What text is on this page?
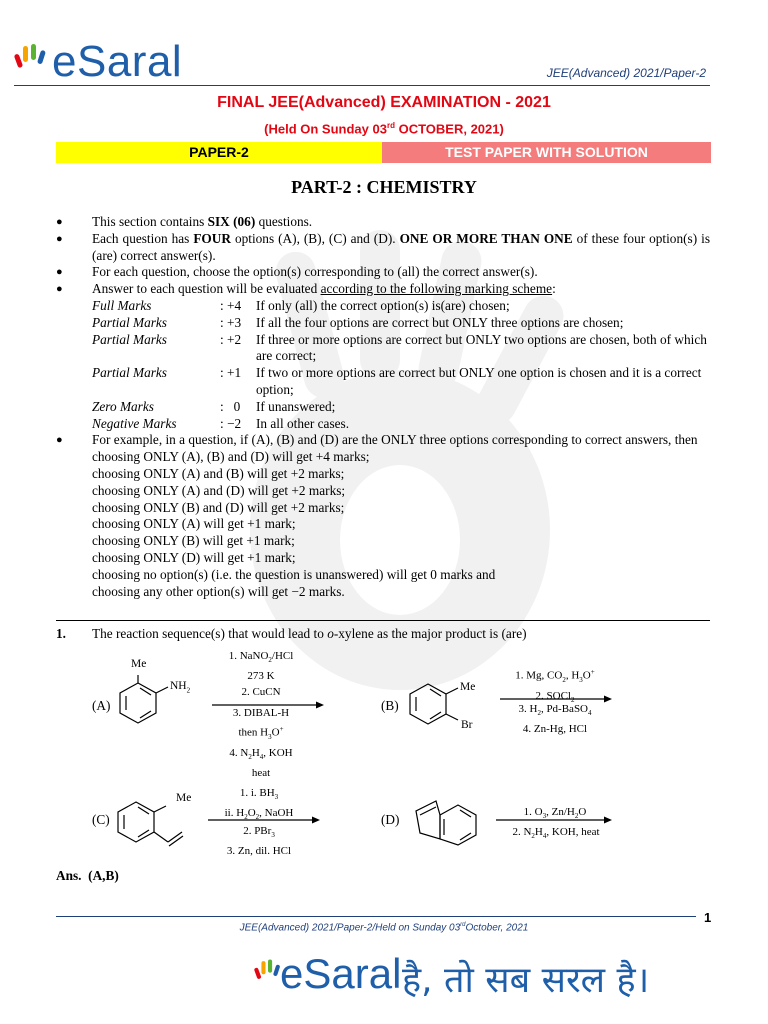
eSaral	JEE(Advanced) 2021/Paper-2
FINAL JEE(Advanced) EXAMINATION - 2021
(Held On Sunday 03rd OCTOBER, 2021)
PAPER-2	TEST PAPER WITH SOLUTION
PART-2 : CHEMISTRY
● This section contains SIX (06) questions.
● Each question has FOUR options (A), (B), (C) and (D). ONE OR MORE THAN ONE of these four option(s) is (are) correct answer(s).
● For each question, choose the option(s) corresponding to (all) the correct answer(s).
● Answer to each question will be evaluated according to the following marking scheme:
Full Marks	: +4	If only (all) the correct option(s) is(are) chosen;
Partial Marks	: +3	If all the four options are correct but ONLY three options are chosen;
Partial Marks	: +2	If three or more options are correct but ONLY two options are chosen, both of which are correct;
Partial Marks	: +1	If two or more options are correct but ONLY one option is chosen and it is a correct option;
Zero Marks	:   0	If unanswered;
Negative Marks	: −2	In all other cases.
● For example, in a question, if (A), (B) and (D) are the ONLY three options corresponding to correct answers, then
choosing ONLY (A), (B) and (D) will get +4 marks;
choosing ONLY (A) and (B) will get +2 marks;
choosing ONLY (A) and (D) will get +2 marks;
choosing ONLY (B) and (D) will get +2 marks;
choosing ONLY (A) will get +1 mark;
choosing ONLY (B) will get +1 mark;
choosing ONLY (D) will get +1 mark;
choosing no option(s) (i.e. the question is unanswered) will get 0 marks and
choosing any other option(s) will get −2 marks.
1. The reaction sequence(s) that would lead to o-xylene as the major product is (are)
(A)
Me
$NH_2$
1. NaNO$_2$/HCl
273 K
2. CuCN
3. DIBAL-H
then $H_3O^+$
4. $N_2H_4$, KOH
heat
(B)
Me
Br
1. Mg, $CO_2$, $H_3O^+$
2. SOCl$_2$
3. $H_2$, Pd-BaSO$_4$
4. Zn-Hg, HCl
(C)
Me	1. i. $BH_3$
ii. $H_2O_2$, NaOH
2. PBr$_3$
3. Zn, dil. HCl
(D)	1. $O_3$, $Zn/H_2O$
2. $N_2H_4$, KOH, heat
Ans.  (A,B)
1
JEE(Advanced) 2021/Paper-2/Held on Sunday 03rdOctober, 2021
eSaral है, तो सब सरल है।
